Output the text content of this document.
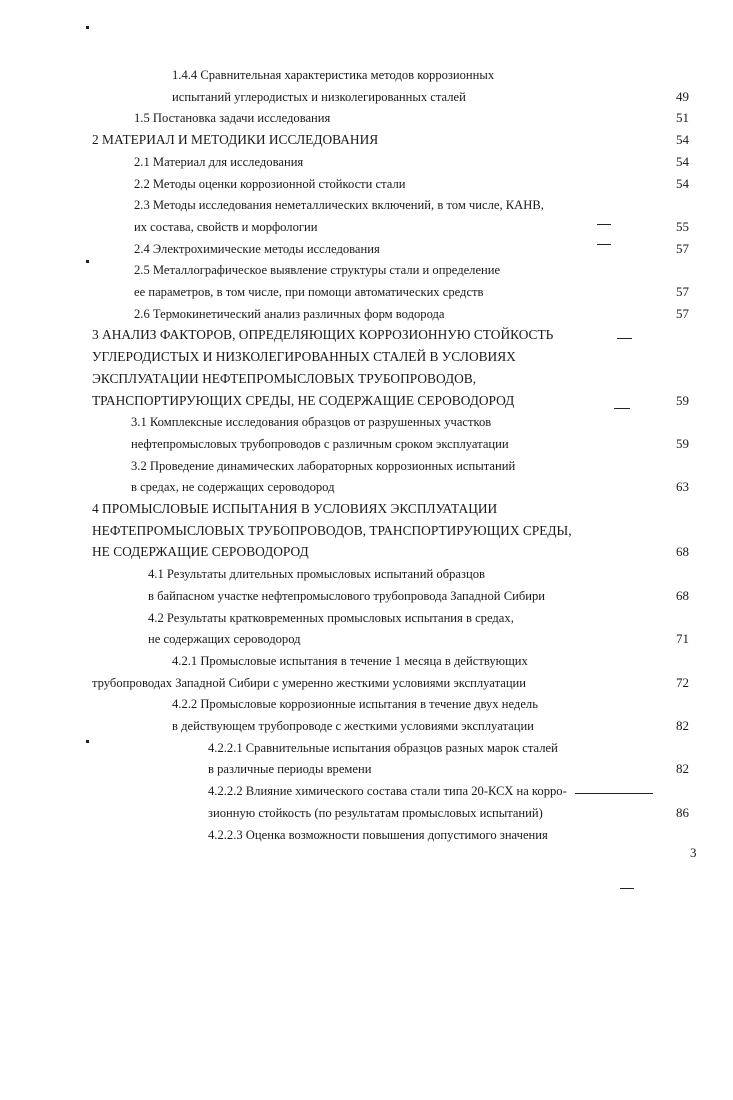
1.4.4 Сравнительная характеристика методов коррозионных
испытаний углеродистых и низколегированных сталей	49
1.5 Постановка задачи исследования	51
2 МАТЕРИАЛ И МЕТОДИКИ ИССЛЕДОВАНИЯ	54
2.1 Материал для исследования	54
2.2 Методы оценки коррозионной стойкости стали	54
2.3 Методы исследования неметаллических включений, в том числе, КАНВ,
их состава, свойств и морфологии	55
2.4 Электрохимические методы исследования	57
2.5 Металлографическое выявление структуры стали и определение
ее параметров, в том числе, при помощи автоматических средств	57
2.6 Термокинетический анализ различных форм водорода	57
3 АНАЛИЗ ФАКТОРОВ, ОПРЕДЕЛЯЮЩИХ КОРРОЗИОННУЮ СТОЙКОСТЬ
УГЛЕРОДИСТЫХ И НИЗКОЛЕГИРОВАННЫХ СТАЛЕЙ В УСЛОВИЯХ
ЭКСПЛУАТАЦИИ НЕФТЕПРОМЫСЛОВЫХ ТРУБОПРОВОДОВ,
ТРАНСПОРТИРУЮЩИХ СРЕДЫ, НЕ СОДЕРЖАЩИЕ СЕРОВОДОРОД	59
3.1 Комплексные исследования образцов от разрушенных участков
нефтепромысловых трубопроводов с различным сроком эксплуатации	59
3.2 Проведение динамических лабораторных коррозионных испытаний
в средах, не содержащих сероводород	63
4 ПРОМЫСЛОВЫЕ ИСПЫТАНИЯ В УСЛОВИЯХ ЭКСПЛУАТАЦИИ
НЕФТЕПРОМЫСЛОВЫХ ТРУБОПРОВОДОВ, ТРАНСПОРТИРУЮЩИХ СРЕДЫ,
НЕ СОДЕРЖАЩИЕ СЕРОВОДОРОД	68
4.1 Результаты длительных промысловых испытаний образцов
в байпасном участке нефтепромыслового трубопровода Западной Сибири	68
4.2 Результаты кратковременных промысловых испытания в средах,
не содержащих сероводород	71
4.2.1 Промысловые испытания в течение 1 месяца в действующих
трубопроводах Западной Сибири с умеренно жесткими условиями эксплуатации	72
4.2.2 Промысловые коррозионные испытания в течение двух недель
в действующем трубопроводе с жесткими условиями эксплуатации	82
4.2.2.1 Сравнительные испытания образцов разных марок сталей
в различные периоды времени	82
4.2.2.2 Влияние химического состава стали типа 20-КСХ на корро-
зионную стойкость (по результатам промысловых испытаний)	86
4.2.2.3 Оценка возможности повышения допустимого значения
3
